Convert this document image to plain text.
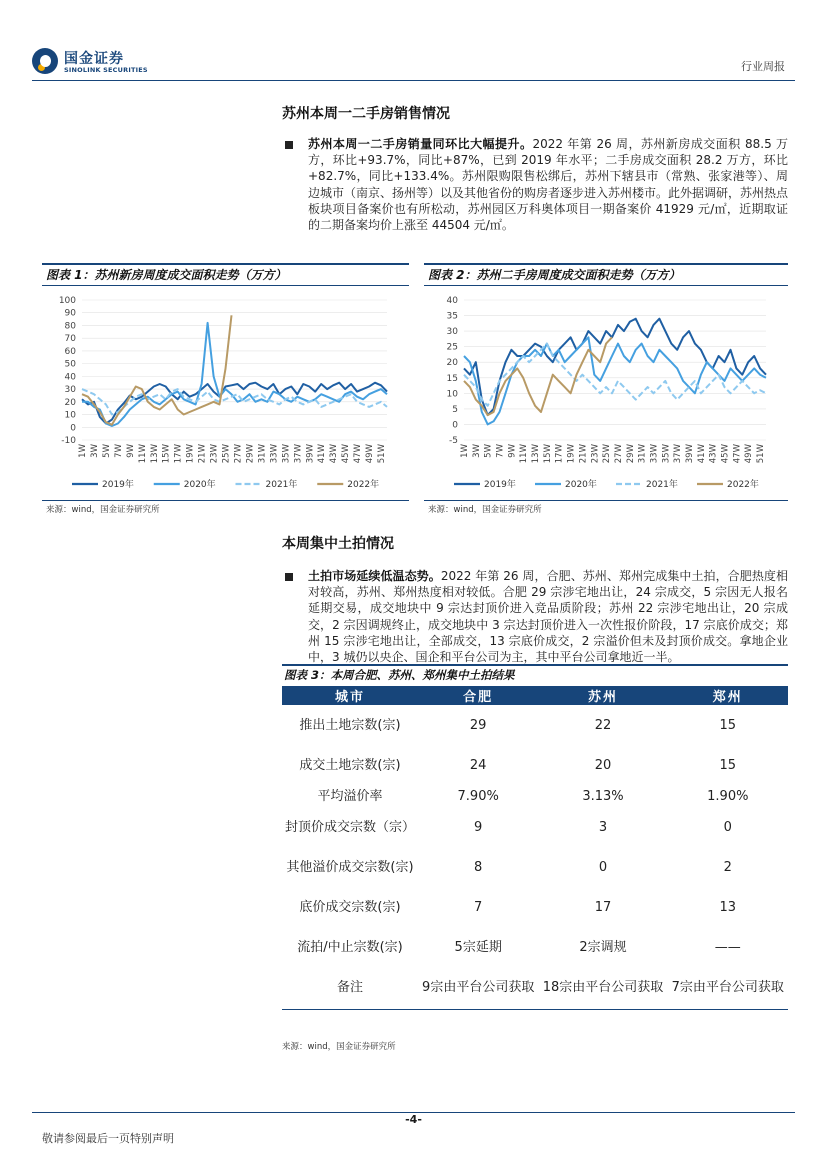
国金证券
SINOLINK SECURITIES	行业周报
苏州本周一二手房销售情况
苏州本周一二手房销量同环比大幅提升。2022 年第 26 周，苏州新房成交面积 88.5 万方，环比+93.7%，同比+87%，已到 2019 年水平；二手房成交面积 28.2 万方，环比+82.7%，同比+133.4%。苏州限购限售松绑后，苏州下辖县市（常熟、张家港等）、周边城市（南京、扬州等）以及其他省份的购房者逐步进入苏州楼市。此外据调研，苏州热点板块项目备案价也有所松动，苏州园区万科奥体项目一期备案价 41929 元/㎡，近期取证的二期备案均价上涨至 44504 元/㎡。
图表 1：苏州新房周度成交面积走势（万方）
-10
0
10
20
30
40
50
60
70
80
90
100
1W 3W 5W 7W 9W 11W 13W 15W 17W 19W 21W 23W 25W 27W 29W 31W 33W 35W 37W 39W 41W 43W 45W 47W 49W 51W
2019年	2020年	2021年	2022年
来源：wind，国金证券研究所
图表 2：苏州二手房周度成交面积走势（万方）
-5
0
5
10
15
20
25
30
35
40
1W 3W 5W 7W 9W 11W 13W 15W 17W 19W 21W 23W 25W 27W 29W 31W 33W 35W 37W 39W 41W 43W 45W 47W 49W 51W
2019年	2020年	2021年	2022年
来源：wind，国金证券研究所
本周集中土拍情况
土拍市场延续低温态势。2022 年第 26 周，合肥、苏州、郑州完成集中土拍，合肥热度相对较高，苏州、郑州热度相对较低。合肥 29 宗涉宅地出让，24 宗成交，5 宗因无人报名延期交易，成交地块中 9 宗达封顶价进入竞品质阶段；苏州 22 宗涉宅地出让，20 宗成交，2 宗因调规终止，成交地块中 3 宗达封顶价进入一次性报价阶段，17 宗底价成交；郑州 15 宗涉宅地出让，全部成交，13 宗底价成交，2 宗溢价但未及封顶价成交。拿地企业中，3 城仍以央企、国企和平台公司为主，其中平台公司拿地近一半。
图表 3：本周合肥、苏州、郑州集中土拍结果
城市	合肥	苏州	郑州
推出土地宗数(宗)	29	22	15
成交土地宗数(宗)	24	20	15
平均溢价率	7.90%	3.13%	1.90%
封顶价成交宗数（宗）	9	3	0
其他溢价成交宗数(宗)	8	0	2
底价成交宗数(宗)	7	17	13
流拍/中止宗数(宗)	5宗延期	2宗调规	——
备注	9宗由平台公司获取	18宗由平台公司获取	7宗由平台公司获取
来源：wind，国金证券研究所
-4-
敬请参阅最后一页特别声明
